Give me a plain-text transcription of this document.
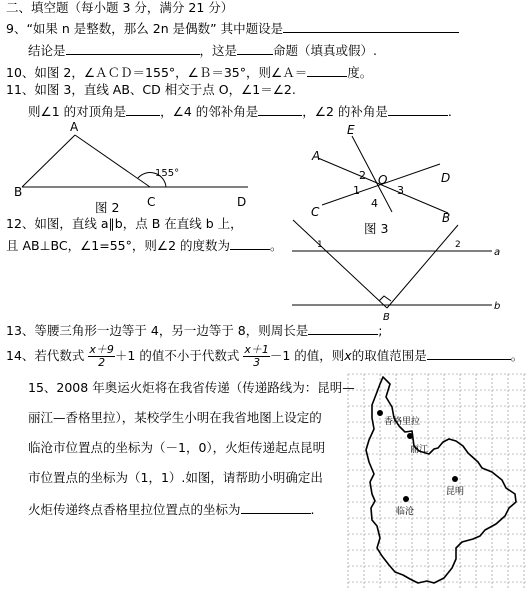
二、填空题（每小题 3 分，满分 21 分）
9、“如果 n 是整数，那么 2n 是偶数” 其中题设是
结论是	，这是	命题（填真或假）.
10、如图 2，∠ＡＣＤ＝155°，∠Ｂ＝35°，则∠Ａ＝	度。
11、如图 3，直线 AB、CD 相交于点 O，∠1＝∠2.
则∠1 的对顶角是	，∠4 的邻补角是	，∠2 的补角是	.
A
B
C	D
155°
图 2
A
B
C
D
E
O
2
1	3
4
图 3
1	2
a
b
B
香格里拉
丽江
昆明
临沧
12、如图，直线 a∥b，点 B 在直线 b 上，
且 AB⊥BC，∠1=55°，则∠2 的度数为	。
13、等腰三角形一边等于 4，另一边等于 8，则周长是	;
14、若代数式 $\frac{x+9}{2} +1$ 的值不小于代数式 $\frac{x+1}{3} -1$ 的值，则x的取值范围是	。
15、2008 年奥运火炬将在我省传递（传递路线为：昆明—
丽江—香格里拉），某校学生小明在我省地图上设定的
临沧市位置点的坐标为（－1，0），火炬传递起点昆明
市位置点的坐标为（1，1）.如图，请帮助小明确定出
火炬传递终点香格里拉位置点的坐标为	.
